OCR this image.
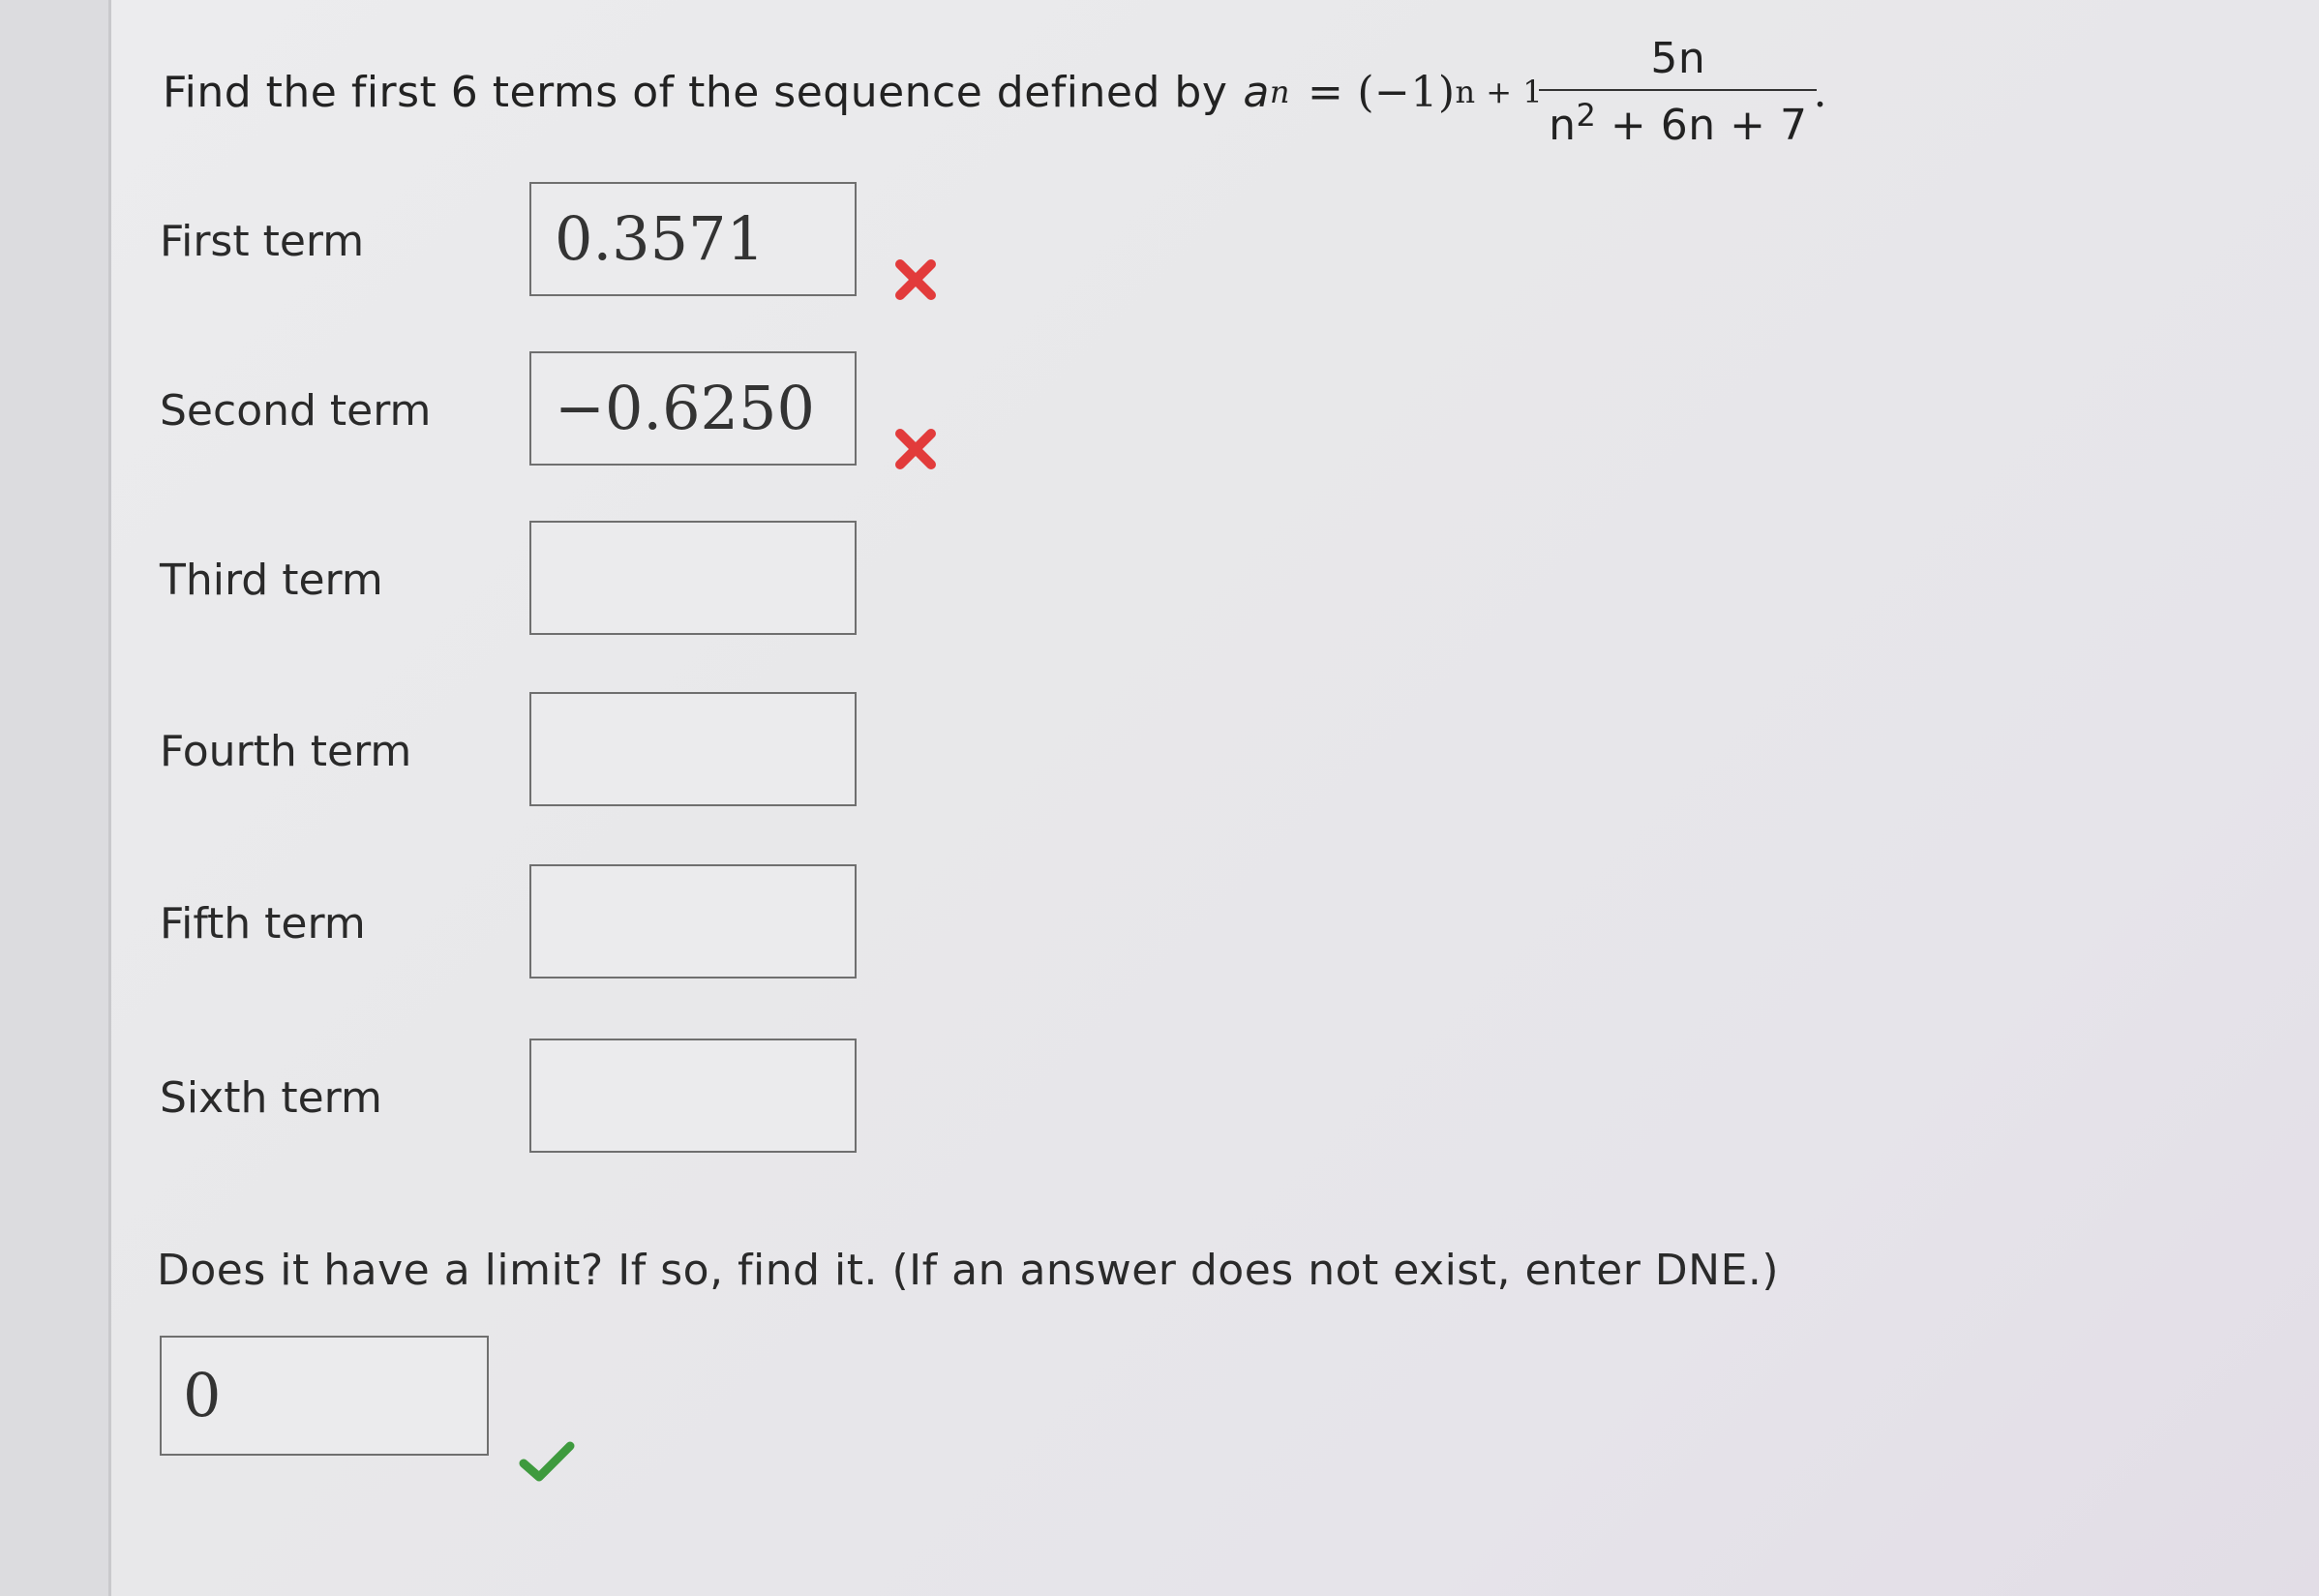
Find the first 6 terms of the sequence defined by a n = (−1) $n + 1 \frac{5n}{n^2 + 6n + 7}$ .
First term	0.3571
Second term	−0.6250
Third term
Fourth term
Fifth term
Sixth term
Does it have a limit? If so, find it. (If an answer does not exist, enter DNE.)
0
